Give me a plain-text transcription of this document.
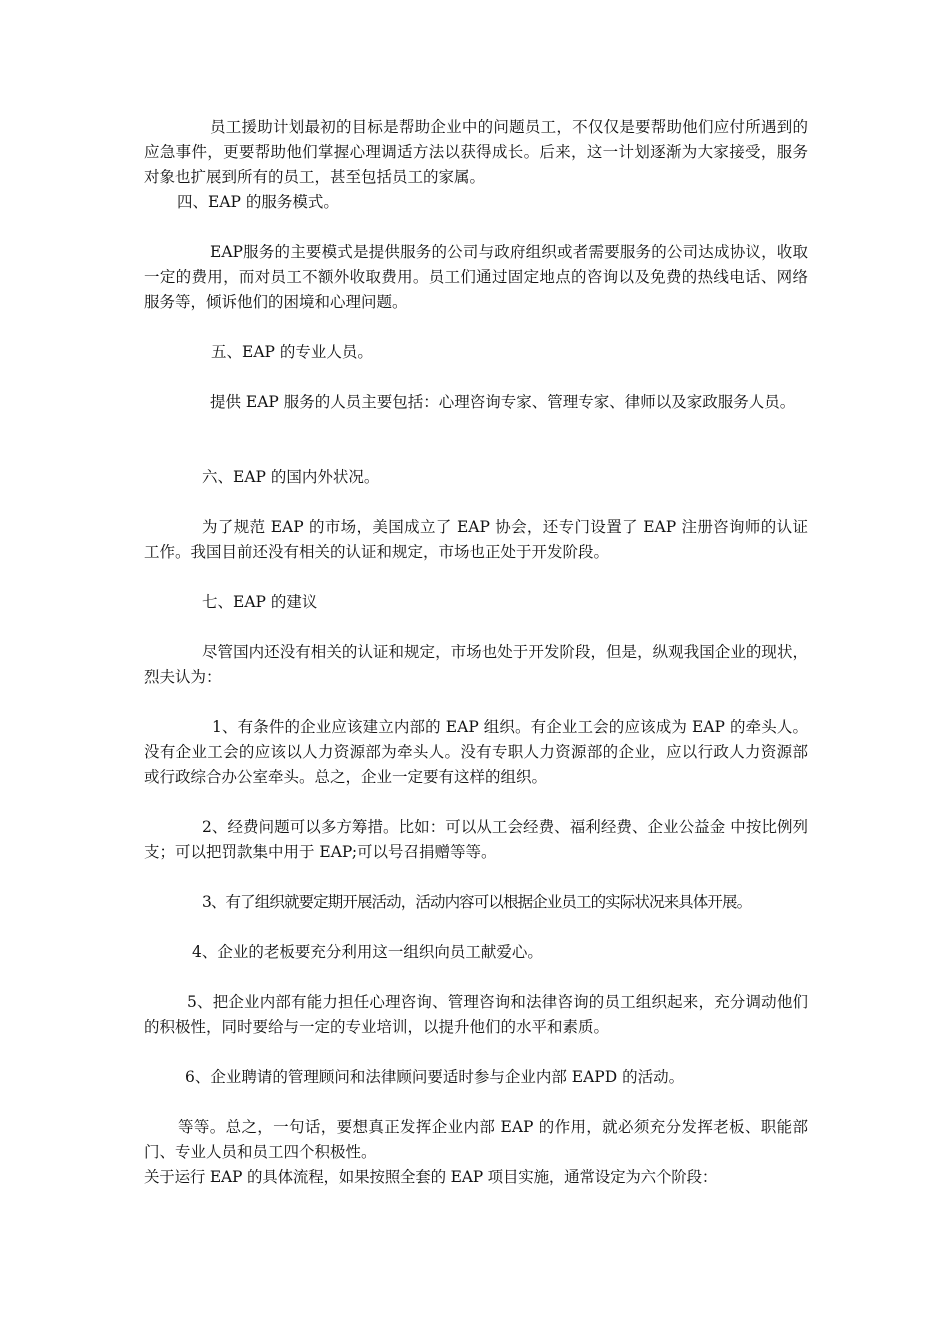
员工援助计划最初的目标是帮助企业中的问题员工，不仅仅是要帮助他们应付所遇到的应急事件，更要帮助他们掌握心理调适方法以获得成长。后来，这一计划逐渐为大家接受，服务对象也扩展到所有的员工，甚至包括员工的家属。
四、EAP 的服务模式。
EAP服务的主要模式是提供服务的公司与政府组织或者需要服务的公司达成协议，收取一定的费用，而对员工不额外收取费用。员工们通过固定地点的咨询以及免费的热线电话、网络服务等，倾诉他们的困境和心理问题。
五、EAP 的专业人员。
提供 EAP 服务的人员主要包括：心理咨询专家、管理专家、律师以及家政服务人员。
六、EAP 的国内外状况。
为了规范 EAP 的市场，美国成立了 EAP 协会，还专门设置了 EAP 注册咨询师的认证工作。我国目前还没有相关的认证和规定，市场也正处于开发阶段。
七、EAP 的建议
尽管国内还没有相关的认证和规定，市场也处于开发阶段，但是，纵观我国企业的现状，烈夫认为：
1、有条件的企业应该建立内部的 EAP 组织。有企业工会的应该成为 EAP 的牵头人。没有企业工会的应该以人力资源部为牵头人。没有专职人力资源部的企业，应以行政人力资源部或行政综合办公室牵头。总之，企业一定要有这样的组织。
2、经费问题可以多方筹措。比如：可以从工会经费、福利经费、企业公益金 中按比例列支；可以把罚款集中用于 EAP;可以号召捐赠等等。
3、有了组织就要定期开展活动，活动内容可以根据企业员工的实际状况来具体开展。
4、企业的老板要充分利用这一组织向员工献爱心。
5、把企业内部有能力担任心理咨询、管理咨询和法律咨询的员工组织起来，充分调动他们的积极性，同时要给与一定的专业培训，以提升他们的水平和素质。
6、企业聘请的管理顾问和法律顾问要适时参与企业内部 EAPD 的活动。
等等。总之，一句话，要想真正发挥企业内部 EAP 的作用，就必须充分发挥老板、职能部门、专业人员和员工四个积极性。
关于运行 EAP 的具体流程，如果按照全套的 EAP 项目实施，通常设定为六个阶段：
